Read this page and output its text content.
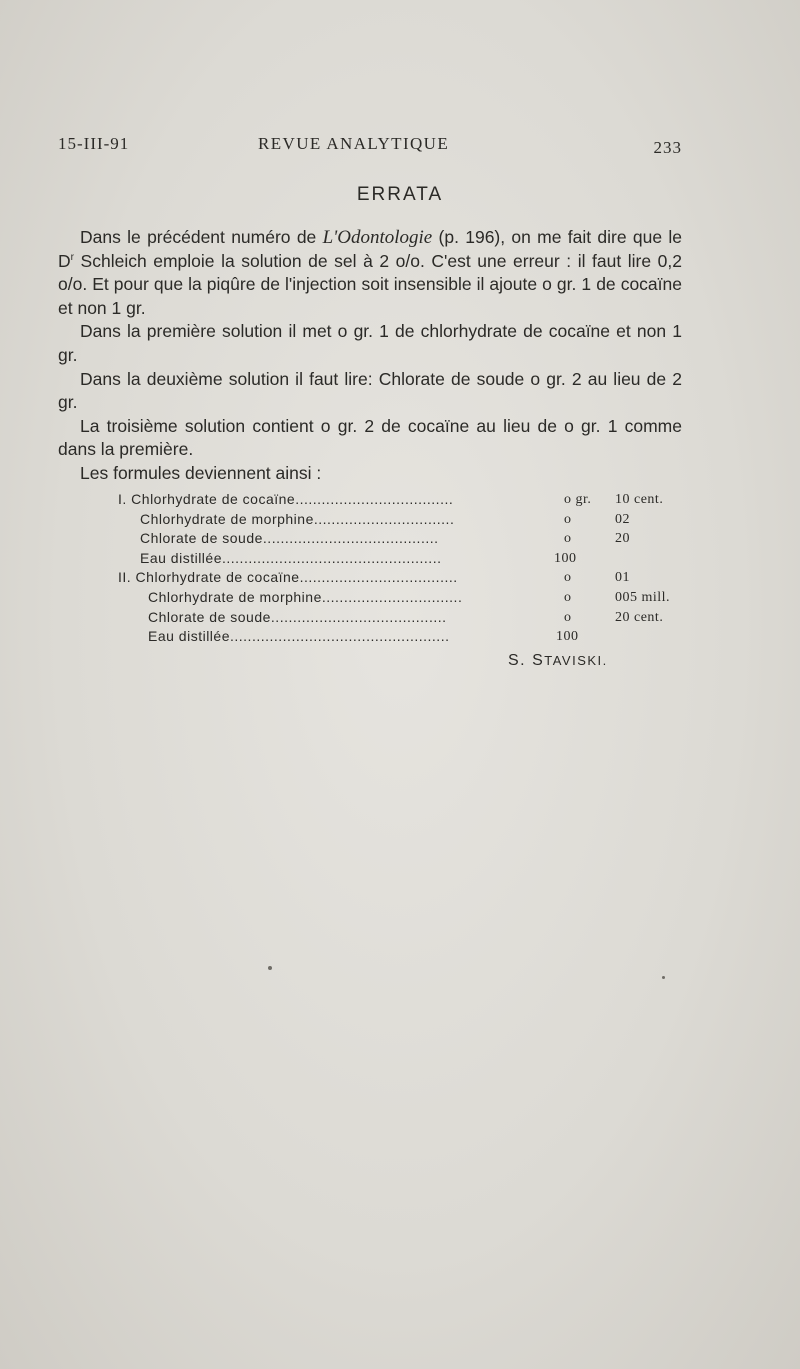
15-III-91	REVUE ANALYTIQUE	233
ERRATA

Dans le précédent numéro de L'Odontologie (p. 196), on me fait dire que le $D^r$ Schleich emploie la solution de sel à 2 o/o. C'est une erreur : il faut lire 0,2 o/o. Et pour que la piqûre de l'injection soit insensible il ajoute o gr. 1 de cocaïne et non 1 gr.

Dans la première solution il met o gr. 1 de chlorhydrate de cocaïne et non 1 gr.

Dans la deuxième solution il faut lire: Chlorate de soude o gr. 2 au lieu de 2 gr.

La troisième solution contient o gr. 2 de cocaïne au lieu de o gr. 1 comme dans la première.

Les formules deviennent ainsi :

I. Chlorhydrate de cocaïne....................................	o gr. 10 cent.
Chlorhydrate de morphine................................	o	02
Chlorate de soude........................................	o	20
Eau distillée..................................................	100
II. Chlorhydrate de cocaïne....................................	o	01
Chlorhydrate de morphine................................	o	005 mill.
Chlorate de soude........................................	o	20 cent.
Eau distillée..................................................	100
S. STAVISKI.
